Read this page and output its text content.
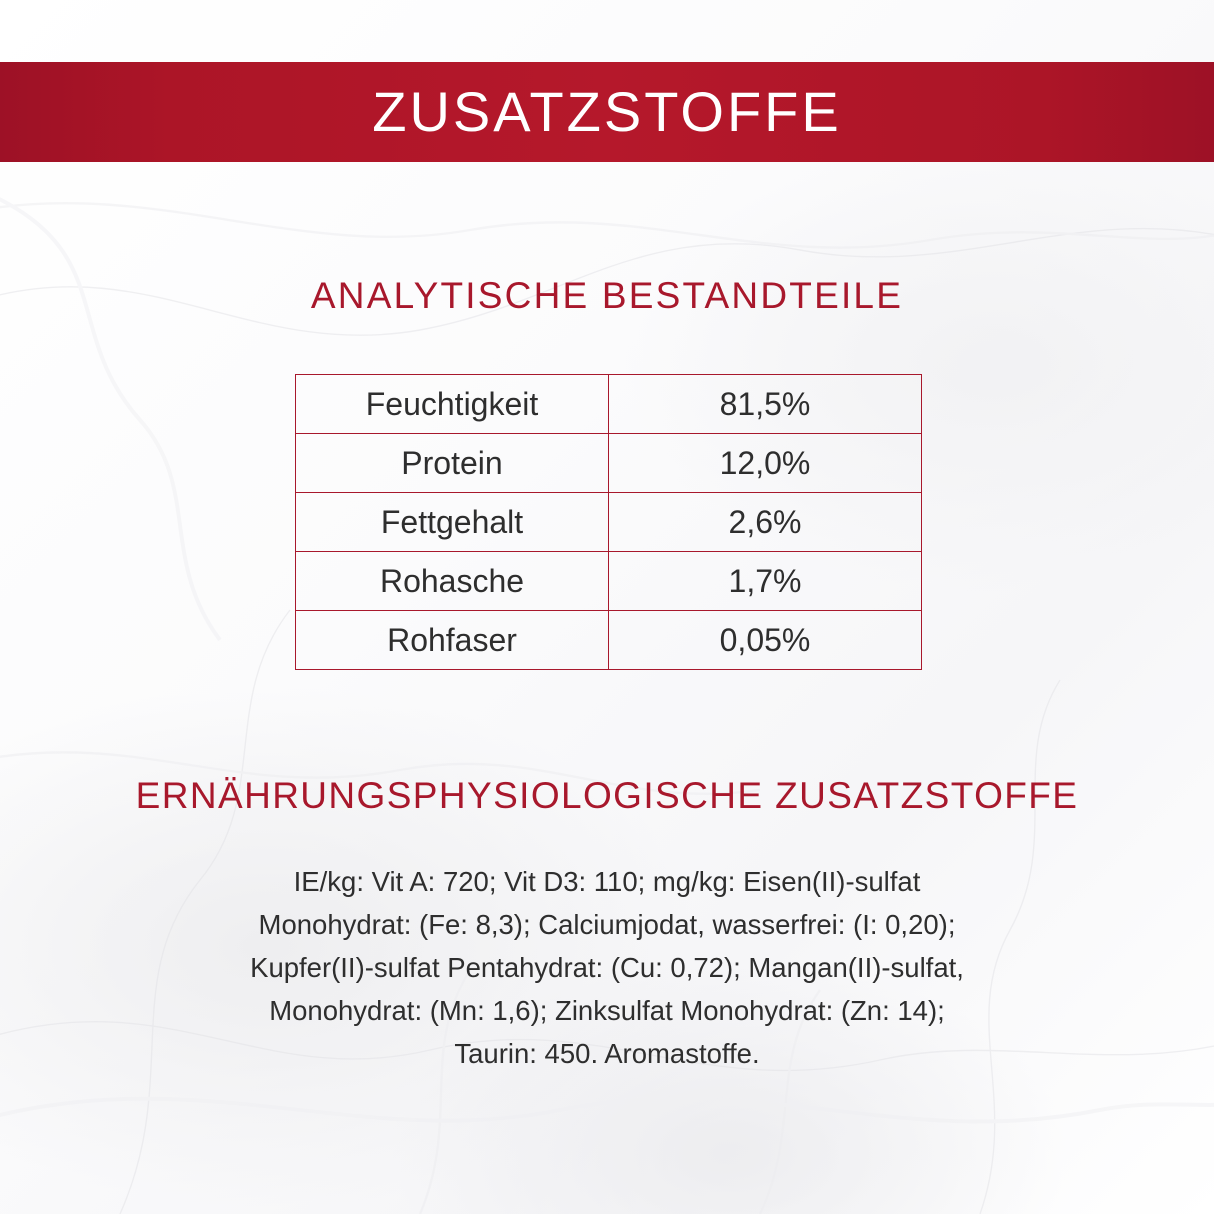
ZUSATZSTOFFE
ANALYTISCHE BESTANDTEILE
Feuchtigkeit	81,5%
Protein	12,0%
Fettgehalt	2,6%
Rohasche	1,7%
Rohfaser	0,05%
ERNÄHRUNGSPHYSIOLOGISCHE ZUSATZSTOFFE
IE/kg: Vit A: 720; Vit D3: 110; mg/kg: Eisen(II)-sulfat
Monohydrat: (Fe: 8,3); Calciumjodat, wasserfrei: (I: 0,20);
Kupfer(II)-sulfat Pentahydrat: (Cu: 0,72); Mangan(II)-sulfat,
Monohydrat: (Mn: 1,6); Zinksulfat Monohydrat: (Zn: 14);
Taurin: 450. Aromastoffe.
